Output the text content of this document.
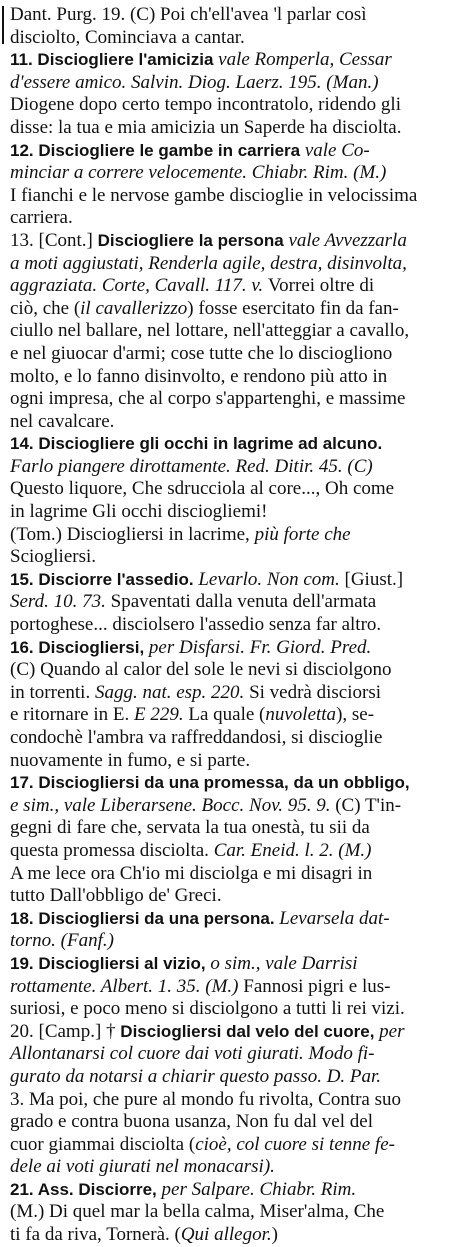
Dant. Purg. 19. (C) Poi ch'ell'avea 'l parlar così
disciolto, Cominciava a cantar.
11. Disciogliere l'amicizia vale Romperla, Cessar
d'essere amico. Salvin. Diog. Laerz. 195. (Man.)
Diogene dopo certo tempo incontratolo, ridendo gli
disse: la tua e mia amicizia un Saperde ha disciolta.
12. Disciogliere le gambe in carriera vale Co-
minciar a correre velocemente. Chiabr. Rim. (M.)
I fianchi e le nervose gambe discioglie in velocissima
carriera.
13. [Cont.] Disciogliere la persona vale Avvezzarla
a moti aggiustati, Renderla agile, destra, disinvolta,
aggraziata. Corte, Cavall. 117. v. Vorrei oltre di
ciò, che (il cavallerizzo) fosse esercitato fin da fan-
ciullo nel ballare, nel lottare, nell'atteggiar a cavallo,
e nel giuocar d'armi; cose tutte che lo disciogliono
molto, e lo fanno disinvolto, e rendono più atto in
ogni impresa, che al corpo s'appartenghi, e massime
nel cavalcare.
14. Disciogliere gli occhi in lagrime ad alcuno.
Farlo piangere dirottamente. Red. Ditir. 45. (C)
Questo liquore, Che sdrucciola al core..., Oh come
in lagrime Gli occhi disciogliemi!
(Tom.) Disciogliersi in lacrime, più forte che
Sciogliersi.
15. Disciorre l'assedio. Levarlo. Non com. [Giust.]
Serd. 10. 73. Spaventati dalla venuta dell'armata
portoghese... disciolsero l'assedio senza far altro.
16. Disciogliersi, per Disfarsi. Fr. Giord. Pred.
(C) Quando al calor del sole le nevi si disciolgono
in torrenti. Sagg. nat. esp. 220. Si vedrà disciorsi
e ritornare in E. E 229. La quale (nuvoletta), se-
condochè l'ambra va raffreddandosi, si discioglie
nuovamente in fumo, e si parte.
17. Disciogliersi da una promessa, da un obbligo,
e sim., vale Liberarsene. Bocc. Nov. 95. 9. (C) T'in-
gegni di fare che, servata la tua onestà, tu sii da
questa promessa disciolta. Car. Eneid. l. 2. (M.)
A me lece ora Ch'io mi disciolga e mi disagri in
tutto Dall'obbligo de' Greci.
18. Disciogliersi da una persona. Levarsela dat-
torno. (Fanf.)
19. Disciogliersi al vizio, o sim., vale Darrisi
rottamente. Albert. 1. 35. (M.) Fannosi pigri e lus-
suriosi, e poco meno si disciolgono a tutti li rei vizi.
20. [Camp.] † Disciogliersi dal velo del cuore, per
Allontanarsi col cuore dai voti giurati. Modo fi-
gurato da notarsi a chiarir questo passo. D. Par.
3. Ma poi, che pure al mondo fu rivolta, Contra suo
grado e contra buona usanza, Non fu dal vel del
cuor giammai disciolta (cioè, col cuore si tenne fe-
dele ai voti giurati nel monacarsi).
21. Ass. Disciorre, per Salpare. Chiabr. Rim.
(M.) Di quel mar la bella calma, Miser'alma, Che
ti fa da riva, Tornerà. (Qui allegor.)
